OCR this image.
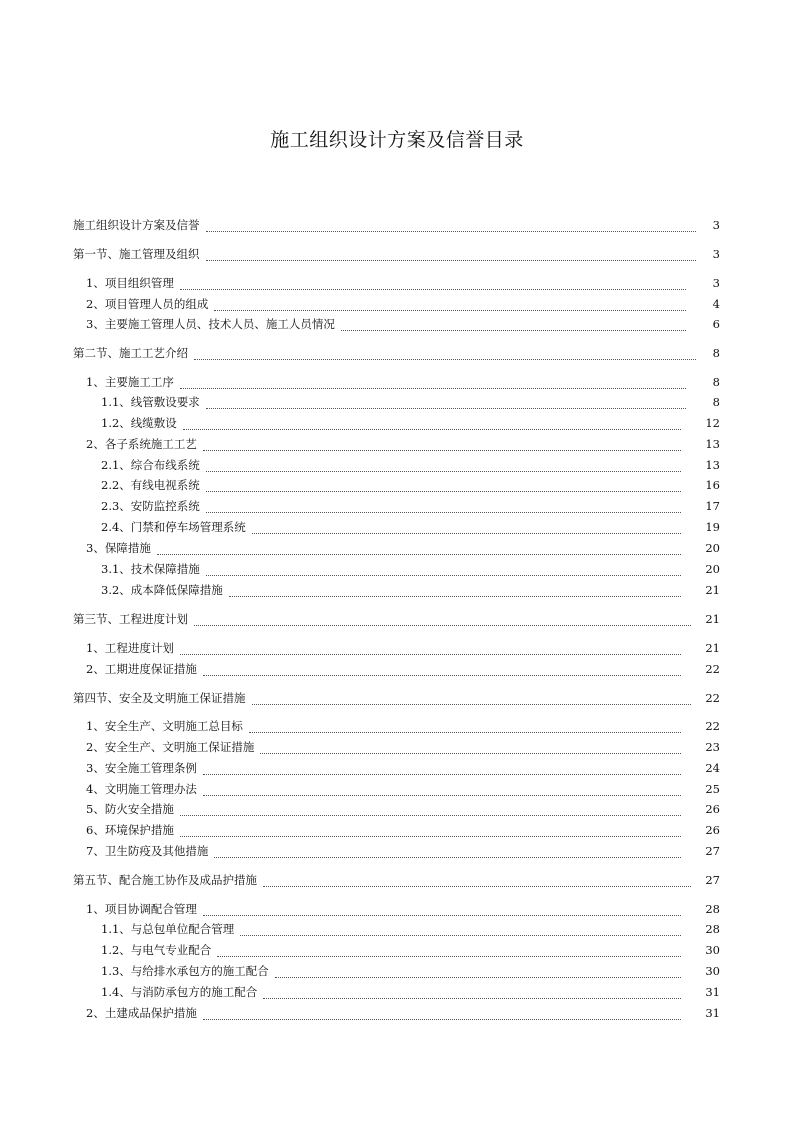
施工组织设计方案及信誉目录
施工组织设计方案及信誉	3
第一节、施工管理及组织	3
1、项目组织管理	3
2、项目管理人员的组成	4
3、主要施工管理人员、技术人员、施工人员情况	6
第二节、施工工艺介绍	8
1、主要施工工序	8
1.1、线管敷设要求	8
1.2、线缆敷设	12
2、各子系统施工工艺	13
2.1、综合布线系统	13
2.2、有线电视系统	16
2.3、安防监控系统	17
2.4、门禁和停车场管理系统	19
3、保障措施	20
3.1、技术保障措施	20
3.2、成本降低保障措施	21
第三节、工程进度计划	21
1、工程进度计划	21
2、工期进度保证措施	22
第四节、安全及文明施工保证措施	22
1、安全生产、文明施工总目标	22
2、安全生产、文明施工保证措施	23
3、安全施工管理条例	24
4、文明施工管理办法	25
5、防火安全措施	26
6、环境保护措施	26
7、卫生防疫及其他措施	27
第五节、配合施工协作及成品护措施	27
1、项目协调配合管理	28
1.1、与总包单位配合管理	28
1.2、与电气专业配合	30
1.3、与给排水承包方的施工配合	30
1.4、与消防承包方的施工配合	31
2、土建成品保护措施	31
